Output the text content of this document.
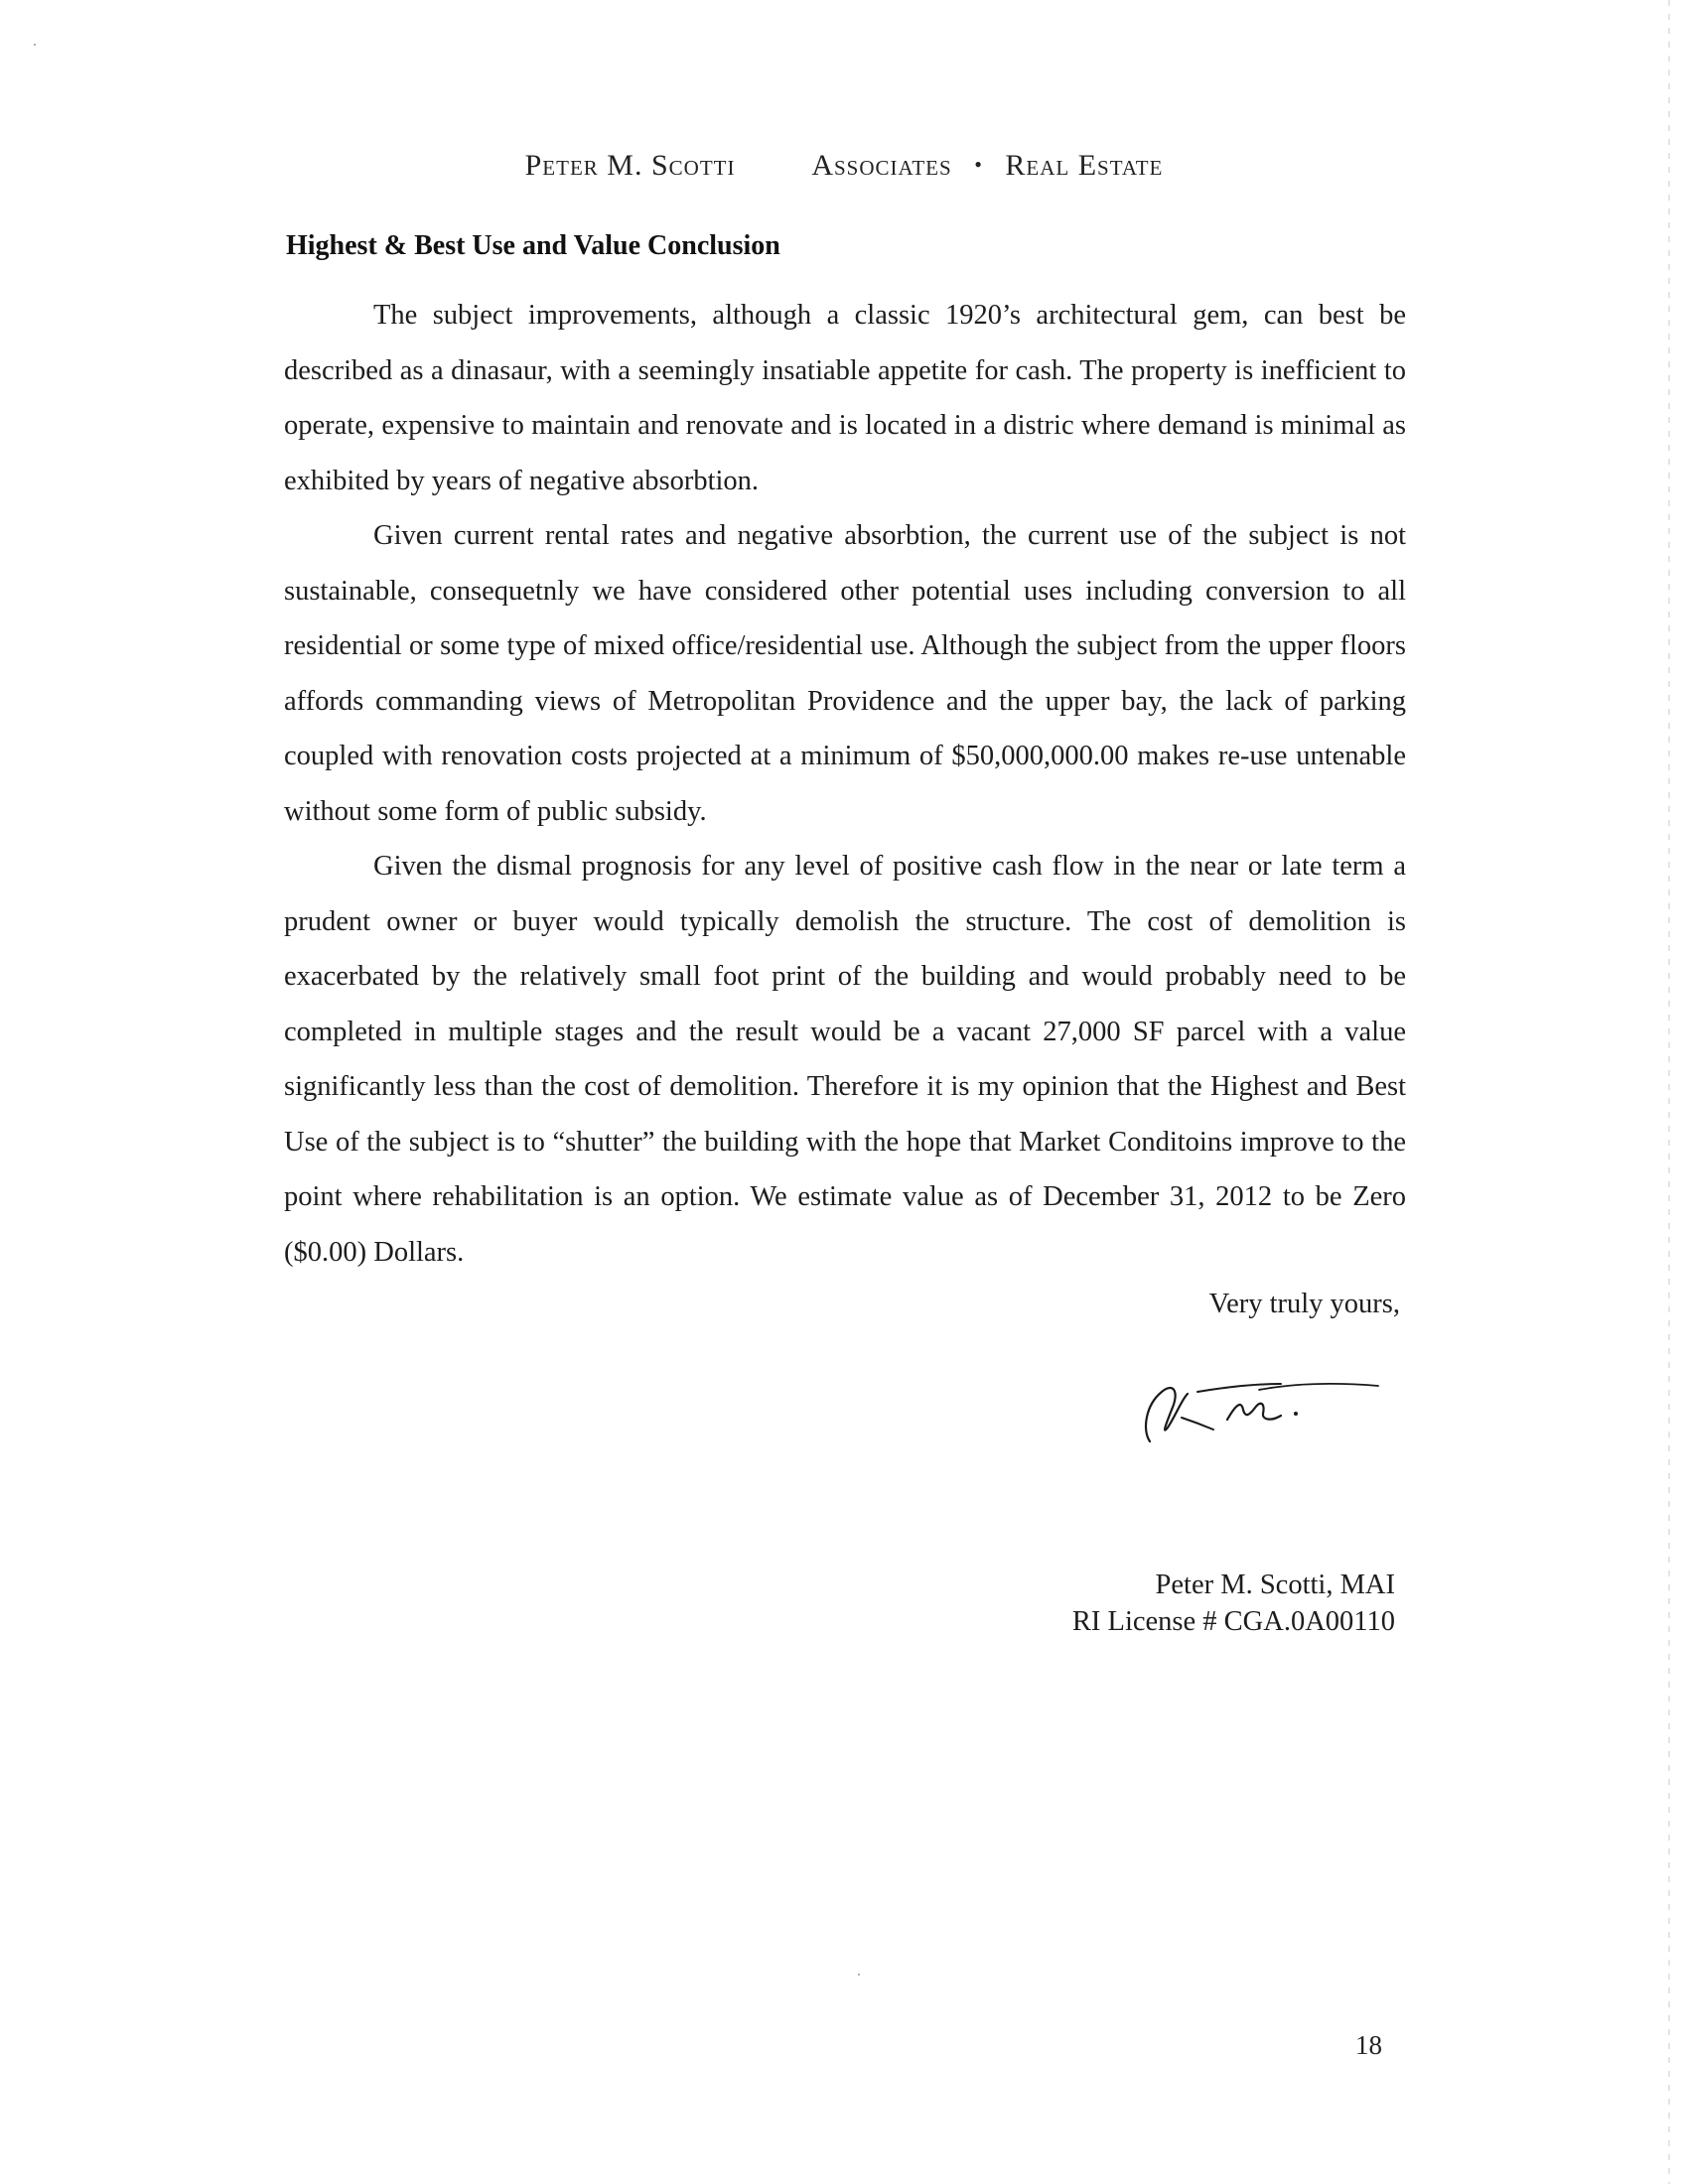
Peter M. Scotti	Associates • Real Estate
Highest & Best Use and Value Conclusion

The subject improvements, although a classic 1920’s architectural gem, can best be described as a dinasaur, with a seemingly insatiable appetite for cash. The property is inefficient to operate, expensive to maintain and renovate and is located in a distric where demand is minimal as exhibited by years of negative absorbtion.

Given current rental rates and negative absorbtion, the current use of the subject is not sustainable, consequetnly we have considered other potential uses including conversion to all residential or some type of mixed office/residential use. Although the subject from the upper floors affords commanding views of Metropolitan Providence and the upper bay, the lack of parking coupled with renovation costs projected at a minimum of $50,000,000.00 makes re-use untenable without some form of public subsidy.

Given the dismal prognosis for any level of positive cash flow in the near or late term a prudent owner or buyer would typically demolish the structure. The cost of demolition is exacerbated by the relatively small foot print of the building and would probably need to be completed in multiple stages and the result would be a vacant 27,000 SF parcel with a value significantly less than the cost of demolition. Therefore it is my opinion that the Highest and Best Use of the subject is to “shutter” the building with the hope that Market Conditoins improve to the point where rehabilitation is an option. We estimate value as of December 31, 2012 to be Zero ($0.00) Dollars.

Very truly yours,
Peter M. Scotti, MAI
RI License # CGA.0A00110
18
